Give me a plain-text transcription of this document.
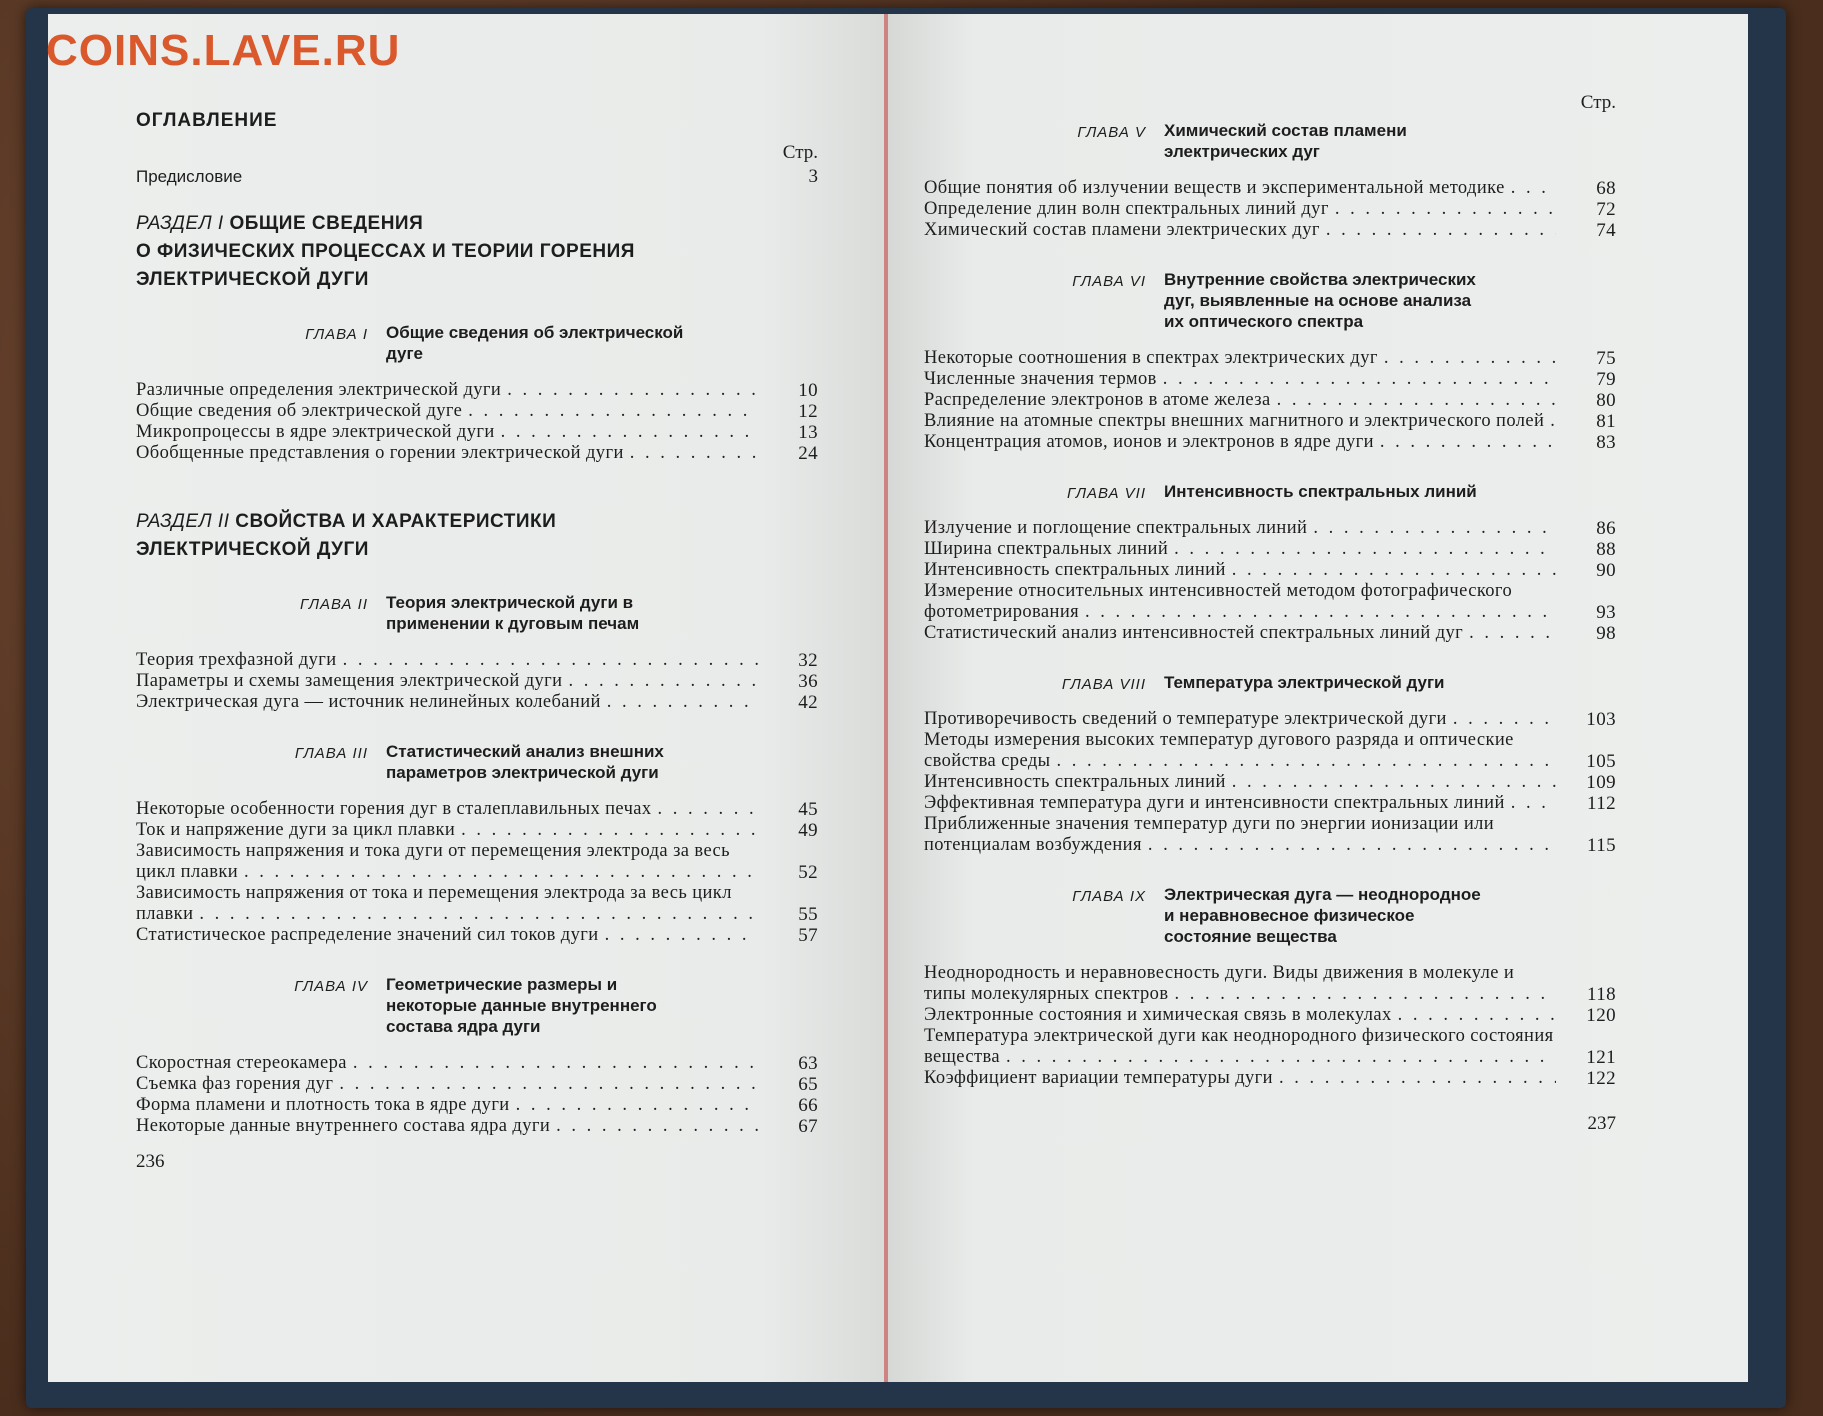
COINS.LAVE.RU
ОГЛАВЛЕНИЕ
Стр.
Предисловие	3
РАЗДЕЛ I ОБЩИЕ СВЕДЕНИЯ
О ФИЗИЧЕСКИХ ПРОЦЕССАХ И ТЕОРИИ ГОРЕНИЯ
ЭЛЕКТРИЧЕСКОЙ ДУГИ
ГЛАВА I	Общие сведения об электрической дуге
Различные определения электрической дуги . . .	10
Общие сведения об электрической дуге . . .	12
Микропроцессы в ядре электрической дуги . . .	13
Обобщенные представления о горении электрической дуги . . .	24
РАЗДЕЛ II СВОЙСТВА И ХАРАКТЕРИСТИКИ
ЭЛЕКТРИЧЕСКОЙ ДУГИ
ГЛАВА II	Теория электрической дуги в применении к дуговым печам
Теория трехфазной дуги . . .	32
Параметры и схемы замещения электрической дуги . . .	36
Электрическая дуга — источник нелинейных колебаний . . .	42
ГЛАВА III	Статистический анализ внешних параметров электрической дуги
Некоторые особенности горения дуг в сталеплавильных печах . . .	45
Ток и напряжение дуги за цикл плавки . . .	49
Зависимость напряжения и тока дуги от перемещения электрода за весь цикл плавки . . .	52
Зависимость напряжения от тока и перемещения электрода за весь цикл плавки . . .	55
Статистическое распределение значений сил токов дуги . . .	57
ГЛАВА IV	Геометрические размеры и некоторые данные внутреннего состава ядра дуги
Скоростная стереокамера . . .	63
Съемка фаз горения дуг . . .	65
Форма пламени и плотность тока в ядре дуги . . .	66
Некоторые данные внутреннего состава ядра дуги . . .	67
236
Стр.
ГЛАВА V	Химический состав пламени электрических дуг
Общие понятия об излучении веществ и экспериментальной методике . . .	68
Определение длин волн спектральных линий дуг . . .	72
Химический состав пламени электрических дуг . . .	74
ГЛАВА VI	Внутренние свойства электрических дуг, выявленные на основе анализа их оптического спектра
Некоторые соотношения в спектрах электрических дуг . . .	75
Численные значения термов . . .	79
Распределение электронов в атоме железа . . .	80
Влияние на атомные спектры внешних магнитного и электрического полей . . .	81
Концентрация атомов, ионов и электронов в ядре дуги . . .	83
ГЛАВА VII	Интенсивность спектральных линий
Излучение и поглощение спектральных линий . . .	86
Ширина спектральных линий . . .	88
Интенсивность спектральных линий . . .	90
Измерение относительных интенсивностей методом фотографического фотометрирования . . .	93
Статистический анализ интенсивностей спектральных линий дуг . . .	98
ГЛАВА VIII	Температура электрической дуги
Противоречивость сведений о температуре электрической дуги . . .	103
Методы измерения высоких температур дугового разряда и оптические свойства среды . . .	105
Интенсивность спектральных линий . . .	109
Эффективная температура дуги и интенсивности спектральных линий . . .	112
Приближенные значения температур дуги по энергии ионизации или потенциалам возбуждения . . .	115
ГЛАВА IX	Электрическая дуга — неоднородное и неравновесное физическое состояние вещества
Неоднородность и неравновесность дуги. Виды движения в молекуле и типы молекулярных спектров . . .	118
Электронные состояния и химическая связь в молекулах . . .	120
Температура электрической дуги как неоднородного физического состояния вещества . . .	121
Коэффициент вариации температуры дуги . . .	122
237
